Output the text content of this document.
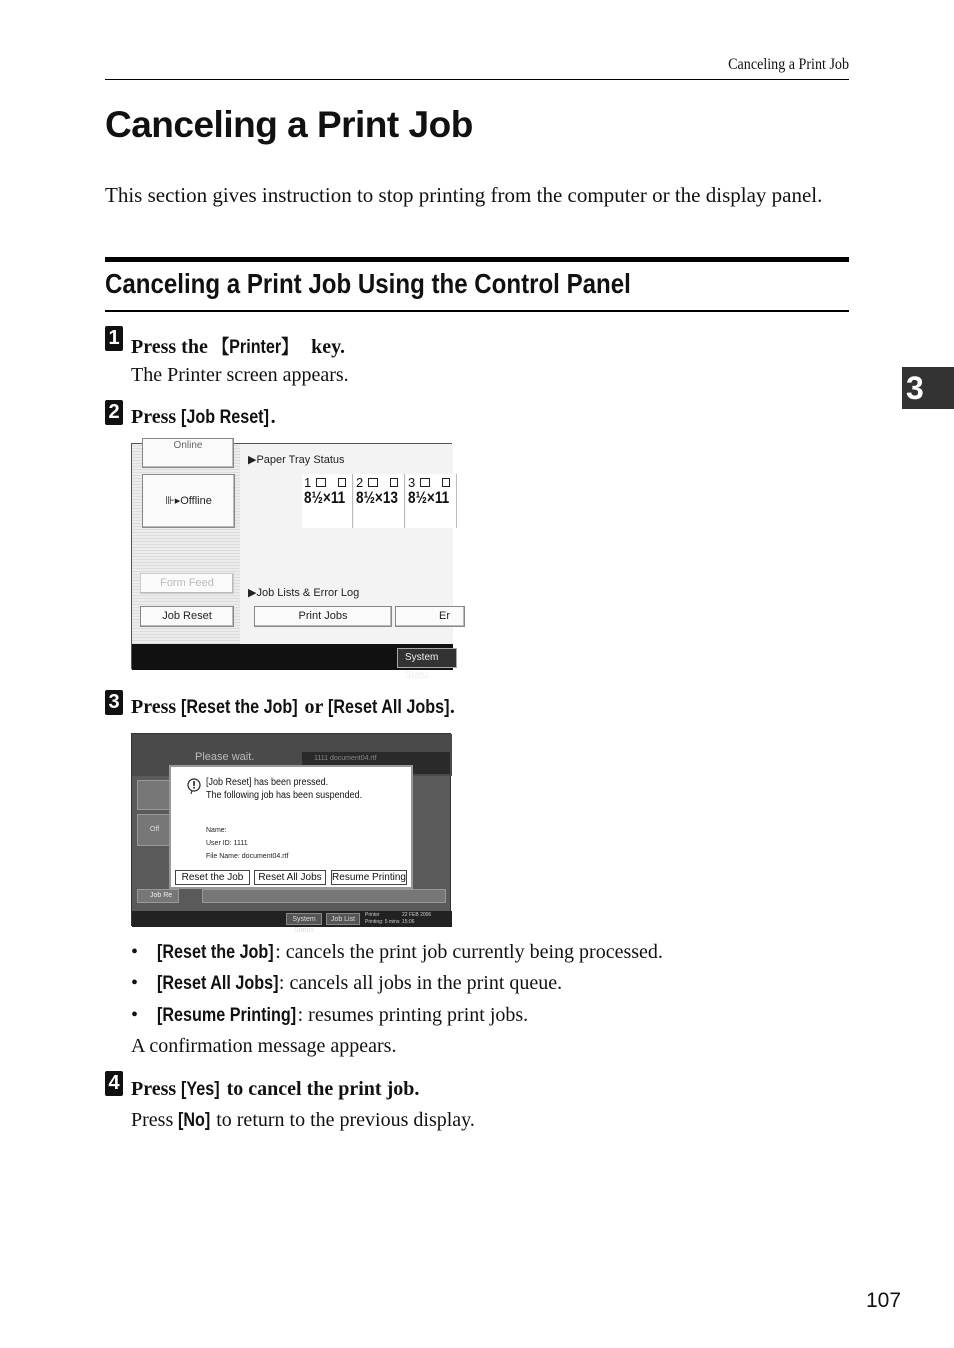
Canceling a Print Job
Canceling a Print Job
This section gives instruction to stop printing from the computer or the display panel.
Canceling a Print Job Using the Control Panel
3
1 Press the 【Printer】 key.
The Printer screen appears.
2 Press [Job Reset].
Online
⊪▸Offline
Form Feed
Job Reset
▶Paper Tray Status
1
8½×11
2
8½×13
3
8½×11
▶Job Lists & Error Log
Print Jobs	Er
System Statu
3 Press [Reset the Job] or [Reset All Jobs].
Please wait.	1111 document04.rtf
Off
Job Re
[Job Reset] has been pressed.
The following job has been suspended.
Name:
User ID: 1111
File Name: document04.rtf
Reset the Job	Reset All Jobs	Resume Printing
System Status
Job List
Printer
Printing: 5 mins
22 FEB 2006
15:06
• [Reset the Job]: cancels the print job currently being processed.
• [Reset All Jobs]: cancels all jobs in the print queue.
• [Resume Printing]: resumes printing print jobs.
A confirmation message appears.
4 Press [Yes] to cancel the print job.
Press [No] to return to the previous display.
107
